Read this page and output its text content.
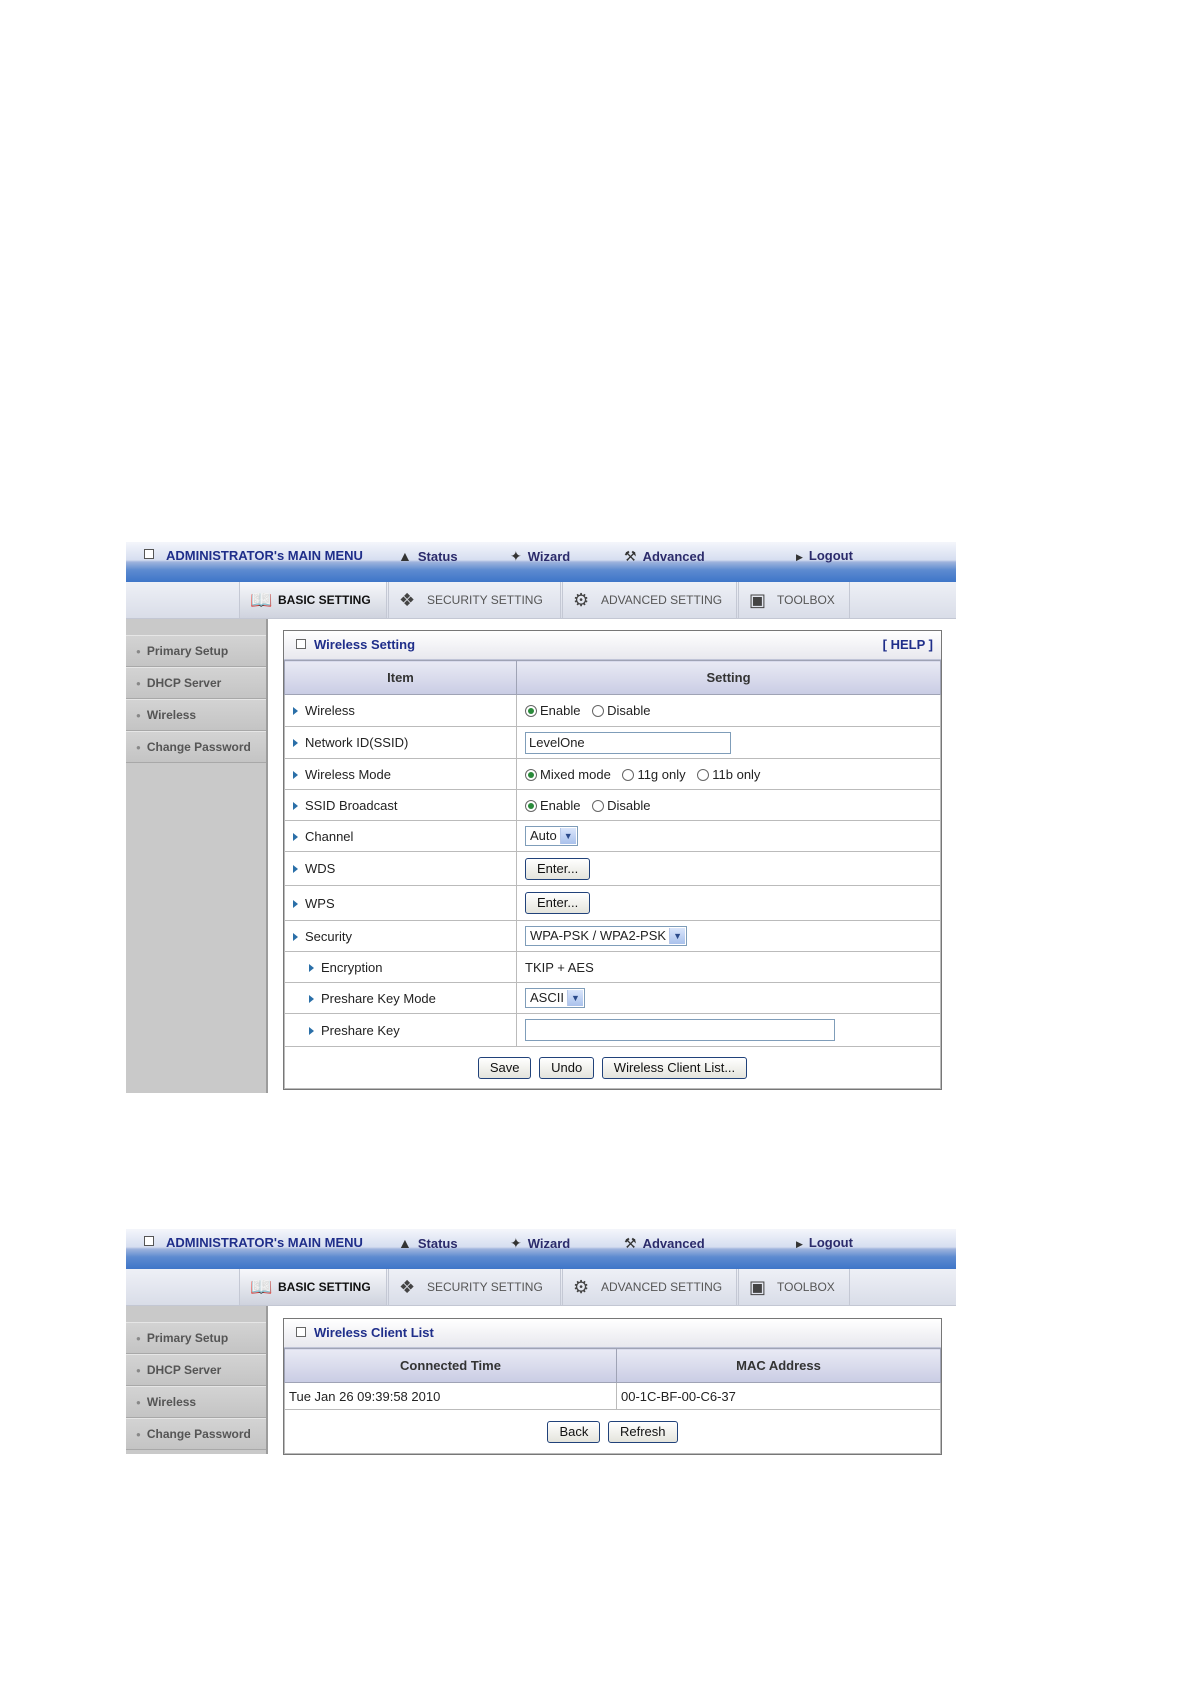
ADMINISTRATOR's MAIN MENU	▲ Status	✦ Wizard	⚒ Advanced	▶ Logout
📖 BASIC SETTING	❖ SECURITY SETTING	⚙ ADVANCED SETTING	▣ TOOLBOX
● Primary Setup
● DHCP Server
● Wireless
● Change Password
Wireless Setting	[ HELP ]
Item	Setting
Wireless	Enable Disable
Network ID(SSID)	LevelOne
Wireless Mode	Mixed mode 11g only 11b only
SSID Broadcast	Enable Disable
Channel	Auto ▼

WDS	Enter...
WPS	Enter...
Security	WPA-PSK / WPA2-PSK ▼

Encryption	TKIP + AES
Preshare Key Mode	ASCII ▼

Preshare Key	
Save Undo Wireless Client List...	
ADMINISTRATOR's MAIN MENU	▲ Status	✦ Wizard	⚒ Advanced	▶ Logout
📖 BASIC SETTING	❖ SECURITY SETTING	⚙ ADVANCED SETTING	▣ TOOLBOX
● Primary Setup
● DHCP Server
● Wireless
● Change Password
Wireless Client List
Connected Time	MAC Address
Tue Jan 26 09:39:58 2010	00-1C-BF-00-C6-37
Back Refresh	
